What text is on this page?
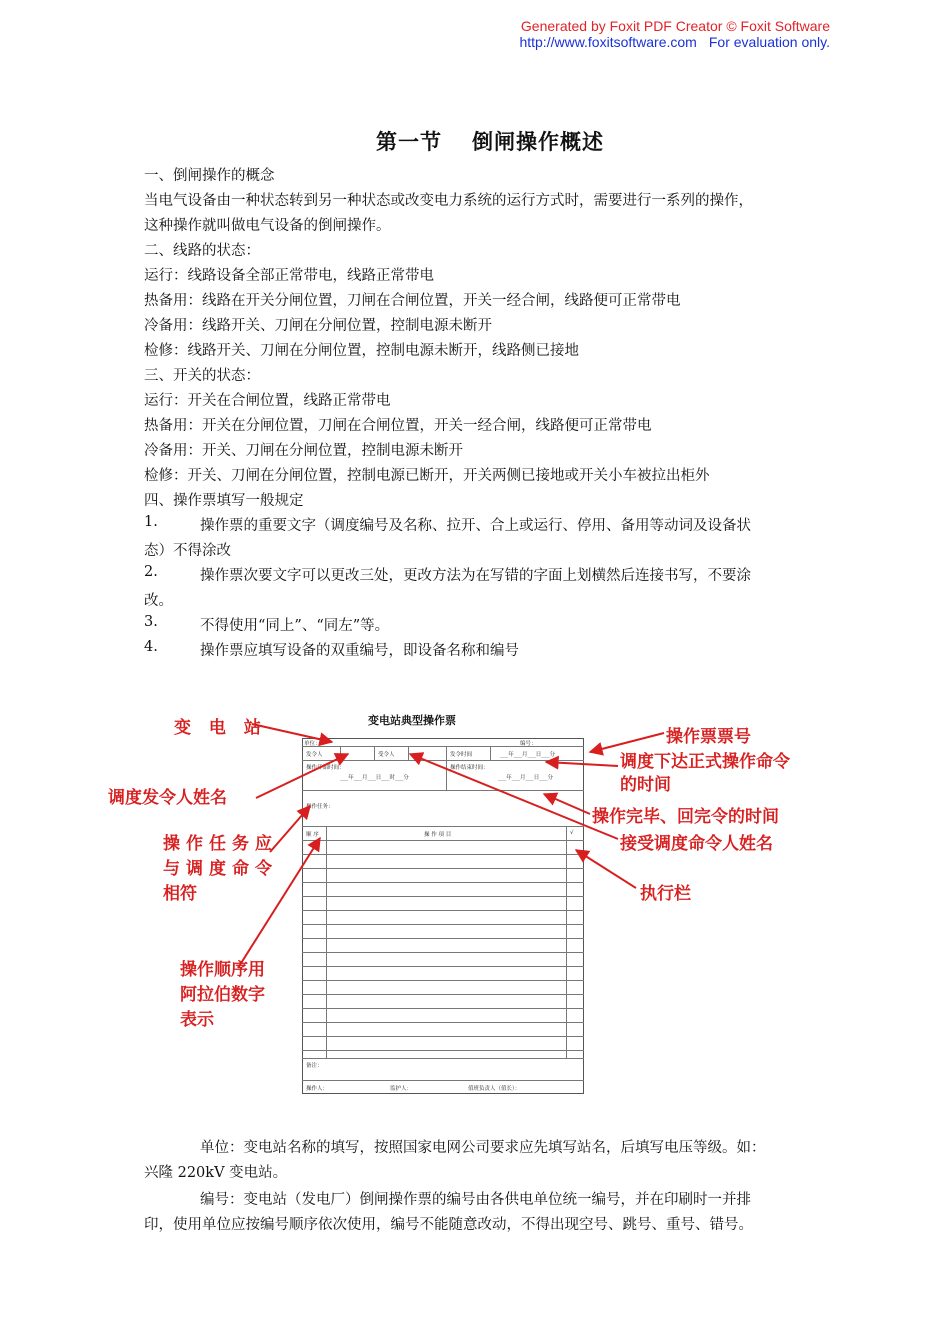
Generated by Foxit PDF Creator © Foxit Software
http://www.foxitsoftware.com For evaluation only.
第一节 倒闸操作概述
一、倒闸操作的概念
当电气设备由一种状态转到另一种状态或改变电力系统的运行方式时，需要进行一系列的操作，
这种操作就叫做电气设备的倒闸操作。
二、线路的状态：
运行：线路设备全部正常带电，线路正常带电
热备用：线路在开关分闸位置，刀闸在合闸位置，开关一经合闸，线路便可正常带电
冷备用：线路开关、刀闸在分闸位置，控制电源未断开
检修：线路开关、刀闸在分闸位置，控制电源未断开，线路侧已接地
三、开关的状态：
运行：开关在合闸位置，线路正常带电
热备用：开关在分闸位置，刀闸在合闸位置，开关一经合闸，线路便可正常带电
冷备用：开关、刀闸在分闸位置，控制电源未断开
检修：开关、刀闸在分闸位置，控制电源已断开，开关两侧已接地或开关小车被拉出柜外
四、操作票填写一般规定
1.	操作票的重要文字（调度编号及名称、拉开、合上或运行、停用、备用等动词及设备状
态）不得涂改
2.	操作票次要文字可以更改三处，更改方法为在写错的字面上划横然后连接书写，不要涂
改。
3.	不得使用“同上”、“同左”等。
4.	操作票应填写设备的双重编号，即设备名称和编号
变电站典型操作票
单位：	编号：
发令人	受令人	发令时间	___年___月___日___分
操作开始时间：
___年___月___日___时___分
操作结束时间：
___年___月___日___分
操作任务：
顺 序	操 作 项 目	√
备注：
操作人：	监护人：	值班负责人（值长）：
变 电 站	操作票票号
调度下达正式操作命令
的时间
调度发令人姓名
操作完毕、回完令的时间
接受调度命令人姓名
操作任务应
与调度命令
相符	执行栏
操作顺序用
阿拉伯数字
表示
单位：变电站名称的填写，按照国家电网公司要求应先填写站名，后填写电压等级。如：
兴隆 220kV 变电站。
编号：变电站（发电厂）倒闸操作票的编号由各供电单位统一编号，并在印刷时一并排
印，使用单位应按编号顺序依次使用，编号不能随意改动，不得出现空号、跳号、重号、错号。
